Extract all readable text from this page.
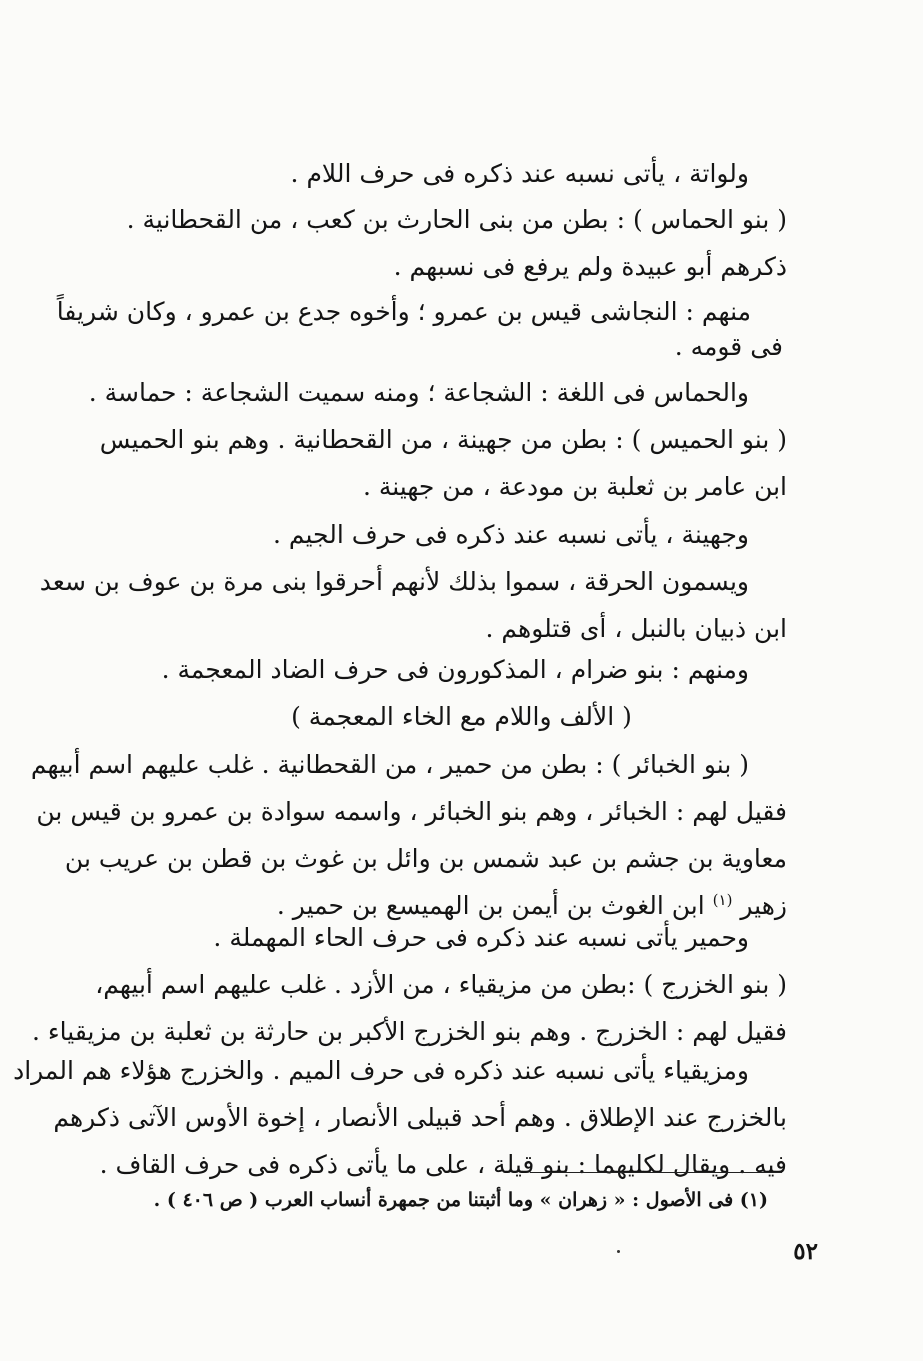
ولواتة ، يأتى نسبه عند ذكره فى حرف اللام .
( بنو الحماس ) : بطن من بنى الحارث بن كعب ، من القحطانية .
ذكرهم أبو عبيدة ولم يرفع فى نسبهم .
منهم : النجاشى قيس بن عمرو ؛ وأخوه جدع بن عمرو ، وكان شريفاً
فى قومه .
والحماس فى اللغة : الشجاعة ؛ ومنه سميت الشجاعة : حماسة .
( بنو الحميس ) : بطن من جهينة ، من القحطانية . وهم بنو الحميس
ابن عامر بن ثعلبة بن مودعة ، من جهينة .
وجهينة ، يأتى نسبه عند ذكره فى حرف الجيم .
ويسمون الحرقة ، سموا بذلك لأنهم أحرقوا بنى مرة بن عوف بن سعد
ابن ذبيان بالنبل ، أى قتلوهم .
ومنهم : بنو ضرام ، المذكورون فى حرف الضاد المعجمة .
( الألف واللام مع الخاء المعجمة )
( بنو الخبائر ) : بطن من حمير ، من القحطانية . غلب عليهم اسم أبيهم
فقيل لهم : الخبائر ، وهم بنو الخبائر ، واسمه سوادة بن عمرو بن قيس بن
معاوية بن جشم بن عبد شمس بن وائل بن غوث بن قطن بن عريب بن
زهير $^{(١)}$ ابن الغوث بن أيمن بن الهميسع بن حمير .
وحمير يأتى نسبه عند ذكره فى حرف الحاء المهملة .
( بنو الخزرج ) :بطن من مزيقياء ، من الأزد . غلب عليهم اسم أبيهم،
فقيل لهم : الخزرج . وهم بنو الخزرج الأكبر بن حارثة بن ثعلبة بن مزيقياء .
ومزيقياء يأتى نسبه عند ذكره فى حرف الميم . والخزرج هؤلاء هم المراد
بالخزرج عند الإطلاق . وهم أحد قبيلى الأنصار ، إخوة الأوس الآتى ذكرهم
فيه . ويقال لكليهما : بنو قيلة ، على ما يأتى ذكره فى حرف القاف .
(١) فى الأصول : « زهران » وما أثبتنا من جمهرة أنساب العرب ( ص ٤٠٦ ) .
٥٢
